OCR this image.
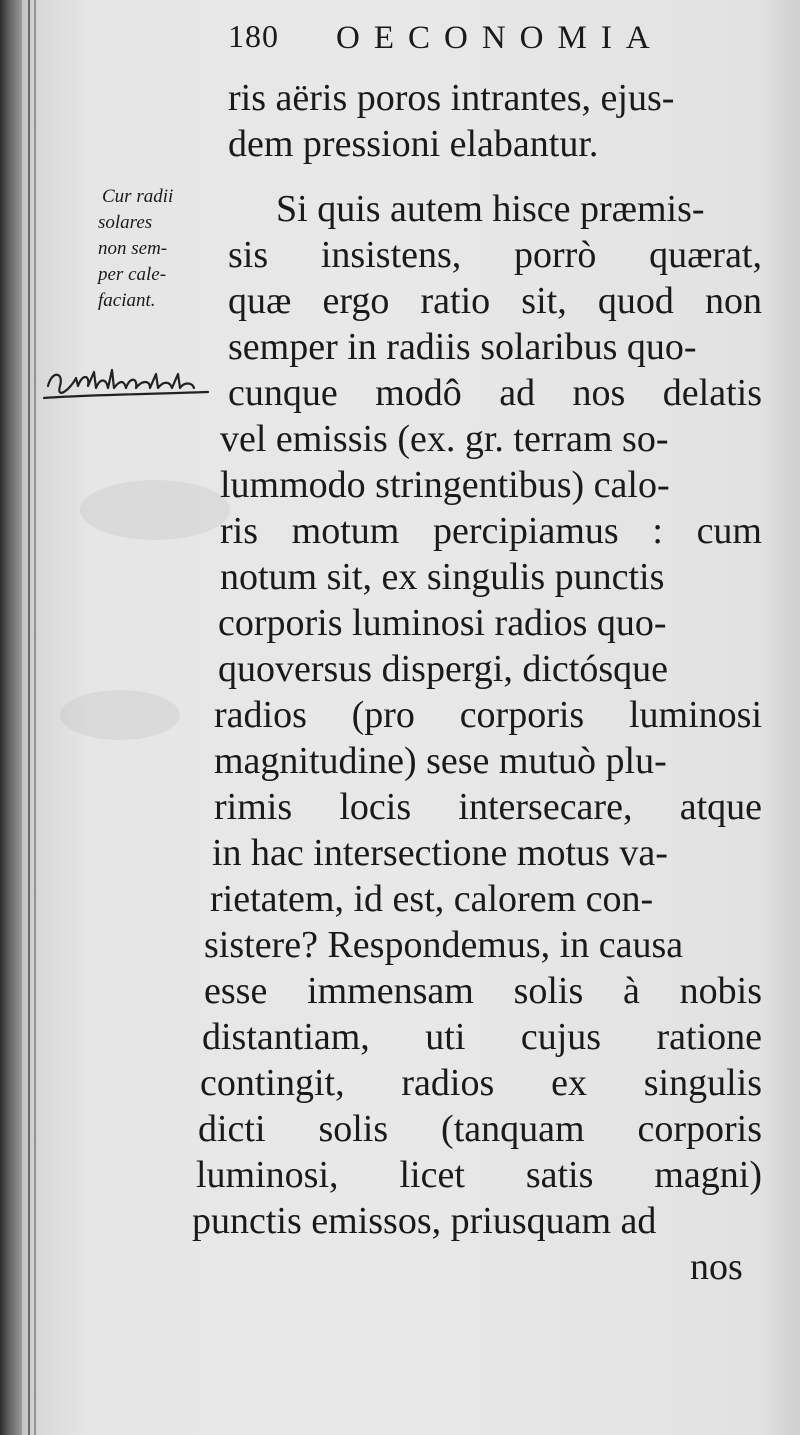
180 OECONOMIA
Cur radii
solares
non sem-
per cale-
faciant.
ris aëris poros intrantes, ejus-
dem pressioni elabantur.
Si quis autem hisce præmis-
sis insistens, porrò quærat,
quæ ergo ratio sit, quod non
semper in radiis solaribus quo-
cunque modô ad nos delatis
vel emissis (ex. gr. terram so-
lummodo stringentibus) calo-
ris motum percipiamus : cum
notum sit, ex singulis punctis
corporis luminosi radios quo-
quoversus dispergi, dictósque
radios (pro corporis luminosi
magnitudine) sese mutuò plu-
rimis locis intersecare, atque
in hac intersectione motus va-
rietatem, id est, calorem con-
sistere? Respondemus, in causa
esse immensam solis à nobis
distantiam, uti cujus ratione
contingit, radios ex singulis
dicti solis (tanquam corporis
luminosi, licet satis magni)
punctis emissos, priusquam ad
nos
